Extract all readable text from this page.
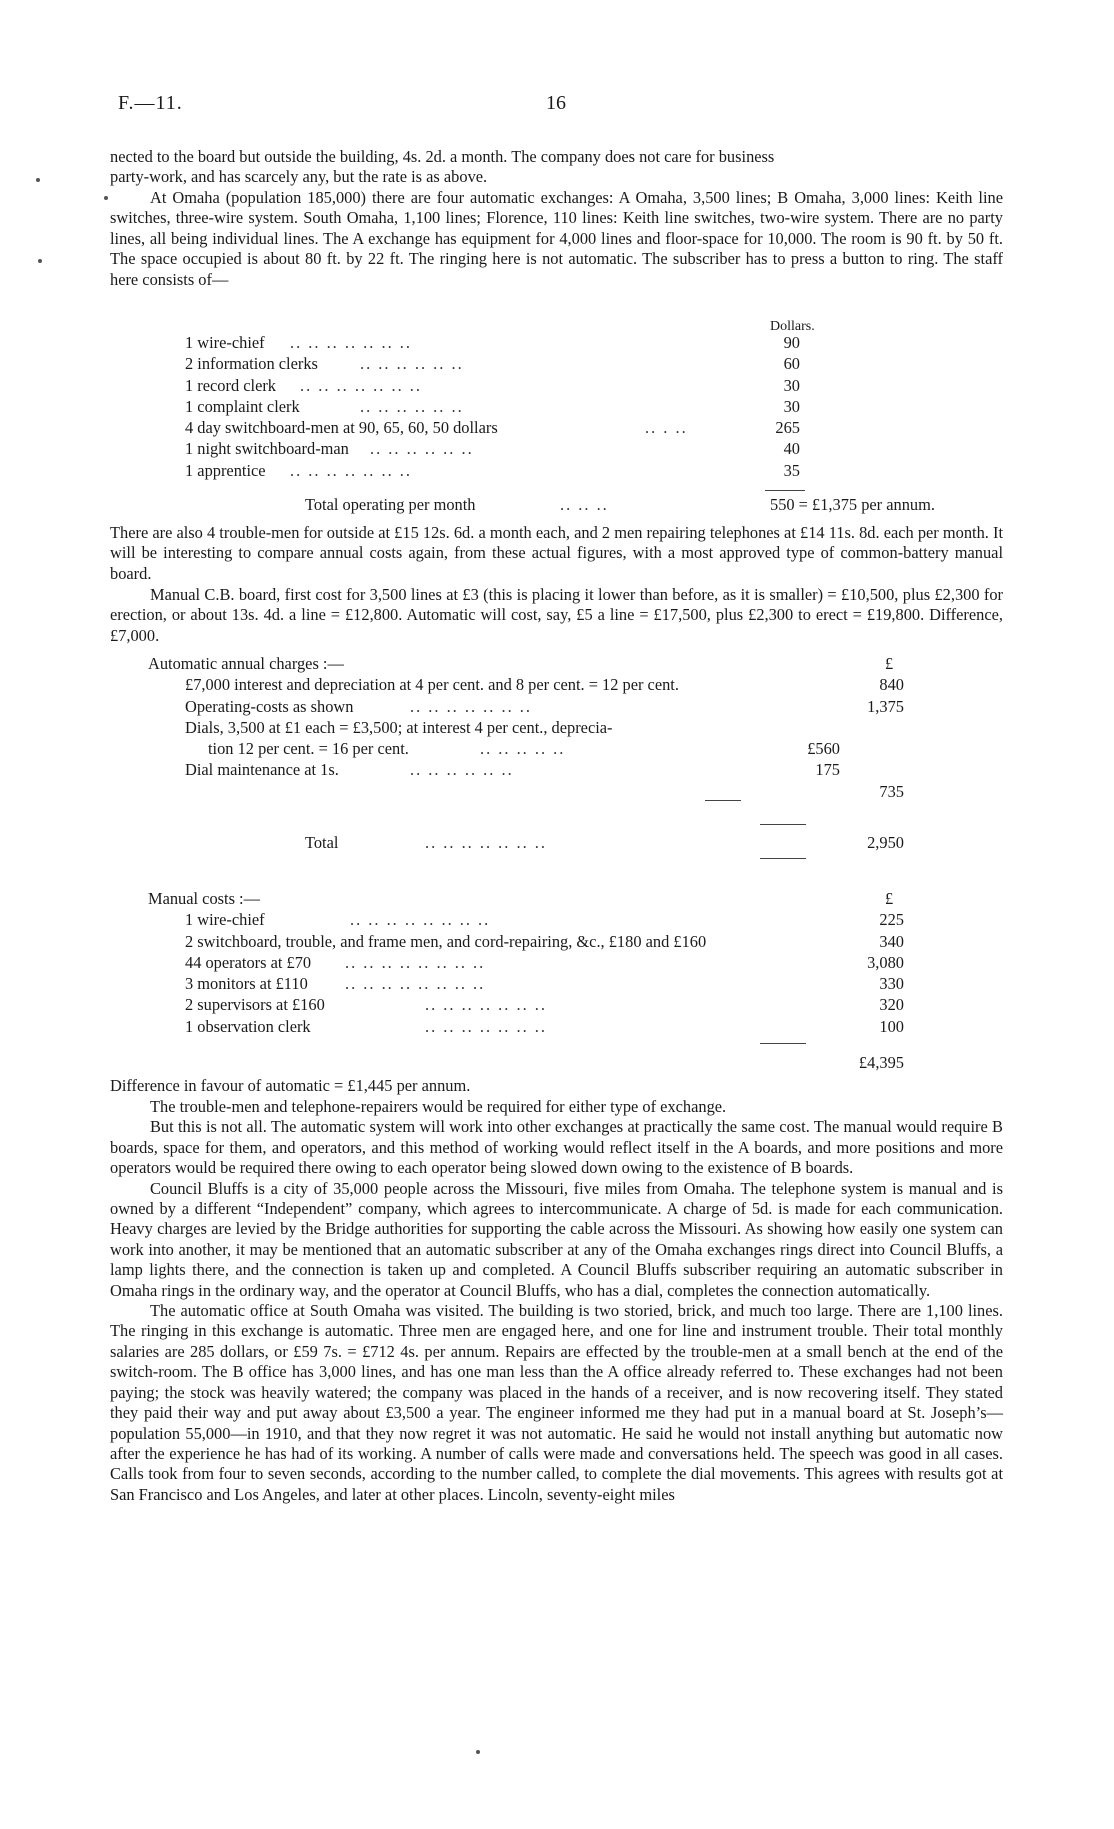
F.—11.	16

nected to the board but outside the building, 4s. 2d. a month. The company does not care for business

party-work, and has scarcely any, but the rate is as above.

At Omaha (population 185,000) there are four automatic exchanges: A Omaha, 3,500 lines; B Omaha, 3,000 lines: Keith line switches, three-wire system. South Omaha, 1,100 lines; Florence, 110 lines: Keith line switches, two-wire system. There are no party lines, all being individual lines. The A exchange has equipment for 4,000 lines and floor-space for 10,000. The room is 90 ft. by 50 ft. The space occupied is about 80 ft. by 22 ft. The ringing here is not automatic. The subscriber has to press a button to ring. The staff here consists of—

Dollars.
1 wire-chief .. .. .. .. .. .. ..	90
2 information clerks	.. .. .. .. .. ..	60
1 record clerk .. .. .. .. .. .. ..	30
1 complaint clerk	.. .. .. .. .. ..	30
4 day switchboard-men at 90, 65, 60, 50 dollars	.. . ..	265
1 night switchboard-man .. .. .. .. .. ..	40
1 apprentice .. .. .. .. .. .. ..	35
Total operating per month	.. .. ..	550 = £1,375 per annum.

There are also 4 trouble-men for outside at £15 12s. 6d. a month each, and 2 men repairing telephones at £14 11s. 8d. each per month. It will be interesting to compare annual costs again, from these actual figures, with a most approved type of common-battery manual board.

Manual C.B. board, first cost for 3,500 lines at £3 (this is placing it lower than before, as it is smaller) = £10,500, plus £2,300 for erection, or about 13s. 4d. a line = £12,800. Automatic will cost, say, £5 a line = £17,500, plus £2,300 to erect = £19,800. Difference, £7,000.

Automatic annual charges :—	£
£7,000 interest and depreciation at 4 per cent. and 8 per cent. = 12 per cent.	840
Operating-costs as shown	.. .. .. .. .. .. ..	1,375
Dials, 3,500 at £1 each = £3,500; at interest 4 per cent., deprecia-
tion 12 per cent. = 16 per cent.	.. .. .. .. ..	£560
Dial maintenance at 1s.	.. .. .. .. .. ..	175
735
Total	.. .. .. .. .. .. ..	2,950
Manual costs :—	£
1 wire-chief	.. .. .. .. .. .. .. ..	225
2 switchboard, trouble, and frame men, and cord-repairing, &c., £180 and £160	340
44 operators at £70 .. .. .. .. .. .. .. ..	3,080
3 monitors at £110 .. .. .. .. .. .. .. ..	330
2 supervisors at £160	.. .. .. .. .. .. ..	320
1 observation clerk	.. .. .. .. .. .. ..	100
£4,395

Difference in favour of automatic = £1,445 per annum.

The trouble-men and telephone-repairers would be required for either type of exchange.

But this is not all. The automatic system will work into other exchanges at practically the same cost. The manual would require B boards, space for them, and operators, and this method of working would reflect itself in the A boards, and more positions and more operators would be required there owing to each operator being slowed down owing to the existence of B boards.

Council Bluffs is a city of 35,000 people across the Missouri, five miles from Omaha. The telephone system is manual and is owned by a different “Independent” company, which agrees to intercommunicate. A charge of 5d. is made for each communication. Heavy charges are levied by the Bridge authorities for supporting the cable across the Missouri. As showing how easily one system can work into another, it may be mentioned that an automatic subscriber at any of the Omaha exchanges rings direct into Council Bluffs, a lamp lights there, and the connection is taken up and completed. A Council Bluffs subscriber requiring an automatic subscriber in Omaha rings in the ordinary way, and the operator at Council Bluffs, who has a dial, completes the connection automatically.

The automatic office at South Omaha was visited. The building is two storied, brick, and much too large. There are 1,100 lines. The ringing in this exchange is automatic. Three men are engaged here, and one for line and instrument trouble. Their total monthly salaries are 285 dollars, or £59 7s. = £712 4s. per annum. Repairs are effected by the trouble-men at a small bench at the end of the switch-room. The B office has 3,000 lines, and has one man less than the A office already referred to. These exchanges had not been paying; the stock was heavily watered; the company was placed in the hands of a receiver, and is now recovering itself. They stated they paid their way and put away about £3,500 a year. The engineer informed me they had put in a manual board at St. Joseph’s—population 55,000—in 1910, and that they now regret it was not automatic. He said he would not install anything but automatic now after the experience he has had of its working. A number of calls were made and conversations held. The speech was good in all cases. Calls took from four to seven seconds, according to the number called, to complete the dial movements. This agrees with results got at San Francisco and Los Angeles, and later at other places. Lincoln, seventy-eight miles
